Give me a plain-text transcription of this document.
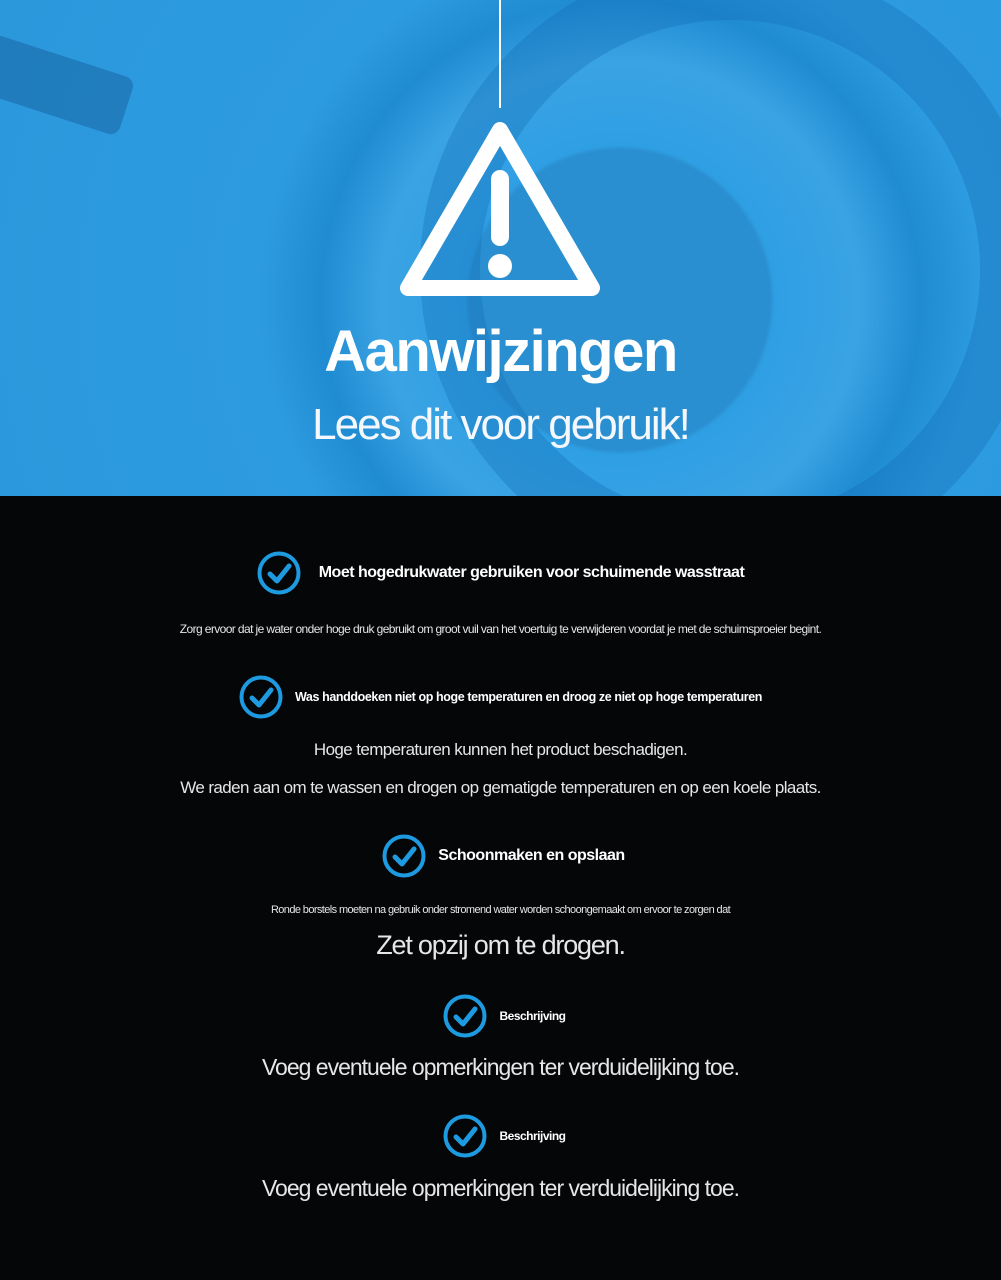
Aanwijzingen
Lees dit voor gebruik!
Moet hogedrukwater gebruiken voor schuimende wasstraat
Zorg ervoor dat je water onder hoge druk gebruikt om groot vuil van het voertuig te verwijderen voordat je met de schuimsproeier begint.
Was handdoeken niet op hoge temperaturen en droog ze niet op hoge temperaturen
Hoge temperaturen kunnen het product beschadigen.
We raden aan om te wassen en drogen op gematigde temperaturen en op een koele plaats.
Schoonmaken en opslaan
Ronde borstels moeten na gebruik onder stromend water worden schoongemaakt om ervoor te zorgen dat
Zet opzij om te drogen.
Beschrijving
Voeg eventuele opmerkingen ter verduidelijking toe.
Beschrijving
Voeg eventuele opmerkingen ter verduidelijking toe.
